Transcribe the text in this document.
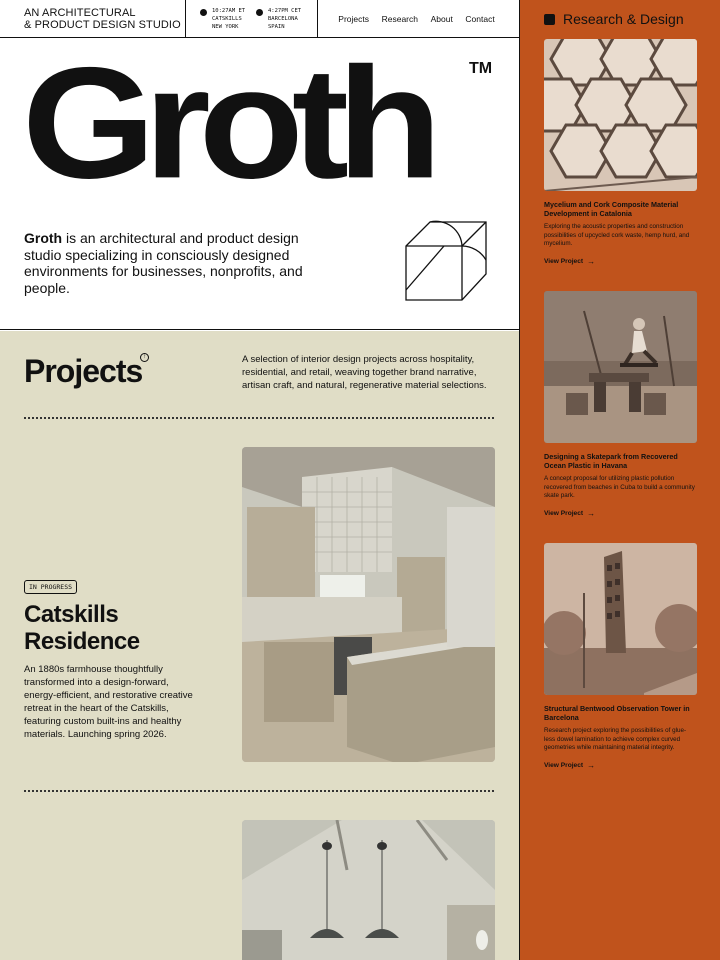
AN ARCHITECTURAL
& PRODUCT DESIGN STUDIO
10:27AM ET
CATSKILLS
NEW YORK
4:27PM CET
BARCELONA
SPAIN
Projects Research About Contact
Groth TM

Groth is an architectural and product design studio specializing in consciously designed environments for businesses, nonprofits, and people.

Projects ↑	A selection of interior design projects across hospitality, residential, and retail, weaving together brand narrative, artisan craft, and natural, regenerative material selections.

IN PROGRESS
Catskills
Residence

An 1880s farmhouse thoughtfully transformed into a design-forward, energy-efficient, and restorative creative retreat in the heart of the Catskills, featuring custom built-ins and healthy materials. Launching spring 2026.

Research & Design
Mycelium and Cork Composite Material Development in Catalonia

Exploring the acoustic properties and construction possibilities of upcycled cork waste, hemp hurd, and mycelium.

View Project →
Designing a Skatepark from Recovered Ocean Plastic in Havana

A concept proposal for utilizing plastic pollution recovered from beaches in Cuba to build a community skate park.

View Project →
Structural Bentwood Observation Tower in Barcelona

Research project exploring the possibilities of glue-less dowel lamination to achieve complex curved geometries while maintaining material integrity.

View Project →
